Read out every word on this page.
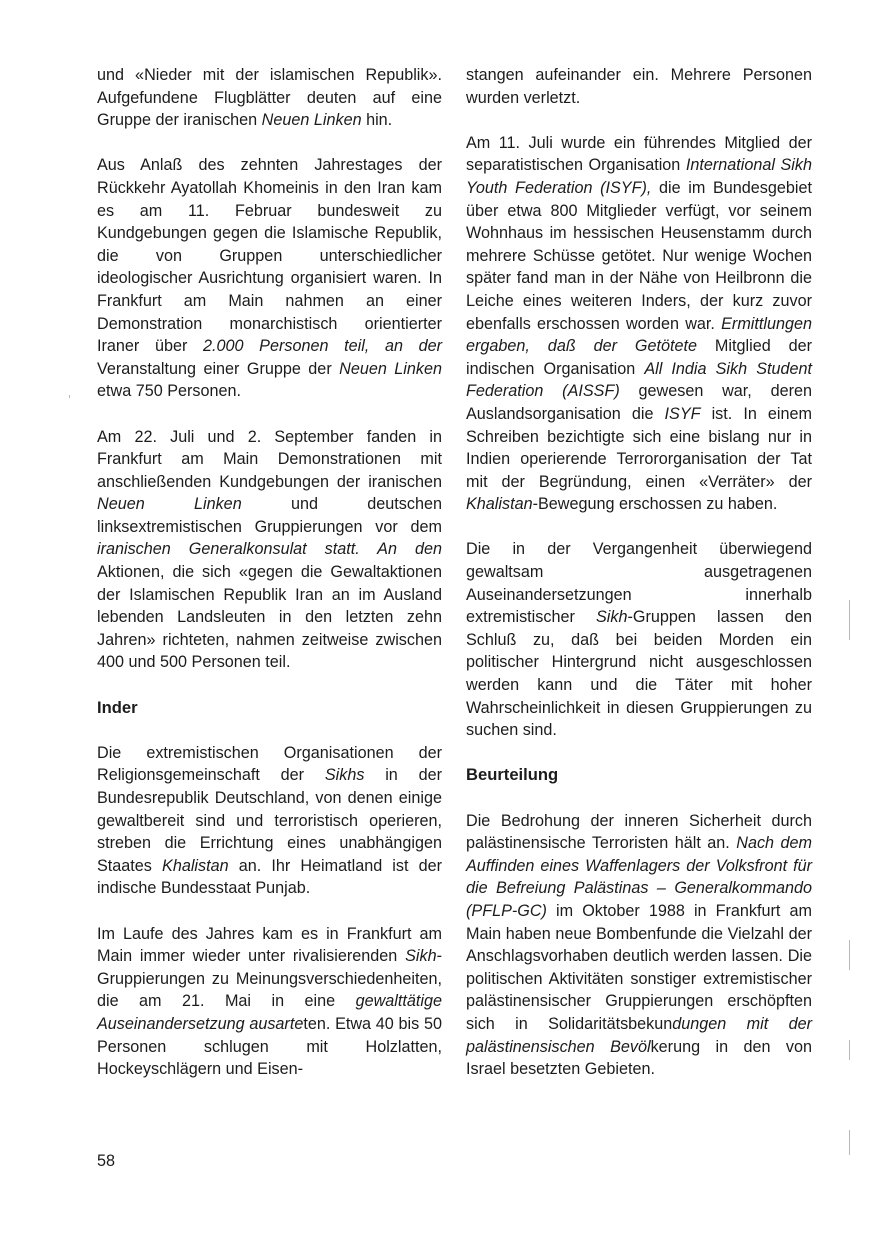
und «Nieder mit der islamischen Republik». Aufgefundene Flugblätter deuten auf eine Gruppe der iranischen Neuen Linken hin.

Aus Anlaß des zehnten Jahrestages der Rückkehr Ayatollah Khomeinis in den Iran kam es am 11. Februar bundesweit zu Kundgebungen gegen die Islamische Republik, die von Gruppen unterschiedlicher ideologischer Ausrichtung organisiert waren. In Frankfurt am Main nahmen an einer Demonstration monarchistisch orientierter Iraner über 2.000 Personen teil, an der Veranstaltung einer Gruppe der Neuen Linken etwa 750 Personen.

Am 22. Juli und 2. September fanden in Frankfurt am Main Demonstrationen mit anschließenden Kundgebungen der iranischen Neuen Linken und deutschen linksextremistischen Gruppierungen vor dem iranischen Generalkonsulat statt. An den Aktionen, die sich «gegen die Gewaltaktionen der Islamischen Republik Iran an im Ausland lebenden Landsleuten in den letzten zehn Jahren» richteten, nahmen zeitweise zwischen 400 und 500 Personen teil.

Inder

Die extremistischen Organisationen der Religionsgemeinschaft der Sikhs in der Bundesrepublik Deutschland, von denen einige gewaltbereit sind und terroristisch operieren, streben die Errichtung eines unabhängigen Staates Khalistan an. Ihr Heimatland ist der indische Bundesstaat Punjab.

Im Laufe des Jahres kam es in Frankfurt am Main immer wieder unter rivalisierenden Sikh-Gruppierungen zu Meinungsverschiedenheiten, die am 21. Mai in eine gewalttätige Auseinandersetzung ausarteten. Etwa 40 bis 50 Personen schlugen mit Holzlatten, Hockeyschlägern und Eisen-

stangen aufeinander ein. Mehrere Personen wurden verletzt.

Am 11. Juli wurde ein führendes Mitglied der separatistischen Organisation International Sikh Youth Federation (ISYF), die im Bundesgebiet über etwa 800 Mitglieder verfügt, vor seinem Wohnhaus im hessischen Heusenstamm durch mehrere Schüsse getötet. Nur wenige Wochen später fand man in der Nähe von Heilbronn die Leiche eines weiteren Inders, der kurz zuvor ebenfalls erschossen worden war. Ermittlungen ergaben, daß der Getötete Mitglied der indischen Organisation All India Sikh Student Federation (AISSF) gewesen war, deren Auslandsorganisation die ISYF ist. In einem Schreiben bezichtigte sich eine bislang nur in Indien operierende Terrororganisation der Tat mit der Begründung, einen «Verräter» der Khalistan-Bewegung erschossen zu haben.

Die in der Vergangenheit überwiegend gewaltsam ausgetragenen Auseinandersetzungen innerhalb extremistischer Sikh-Gruppen lassen den Schluß zu, daß bei beiden Morden ein politischer Hintergrund nicht ausgeschlossen werden kann und die Täter mit hoher Wahrscheinlichkeit in diesen Gruppierungen zu suchen sind.

Beurteilung

Die Bedrohung der inneren Sicherheit durch palästinensische Terroristen hält an. Nach dem Auffinden eines Waffenlagers der Volksfront für die Befreiung Palästinas – Generalkommando (PFLP-GC) im Oktober 1988 in Frankfurt am Main haben neue Bombenfunde die Vielzahl der Anschlagsvorhaben deutlich werden lassen. Die politischen Aktivitäten sonstiger extremistischer palästinensischer Gruppierungen erschöpften sich in Solidaritätsbekundungen mit der palästinensischen Bevölkerung in den von Israel besetzten Gebieten.

58
